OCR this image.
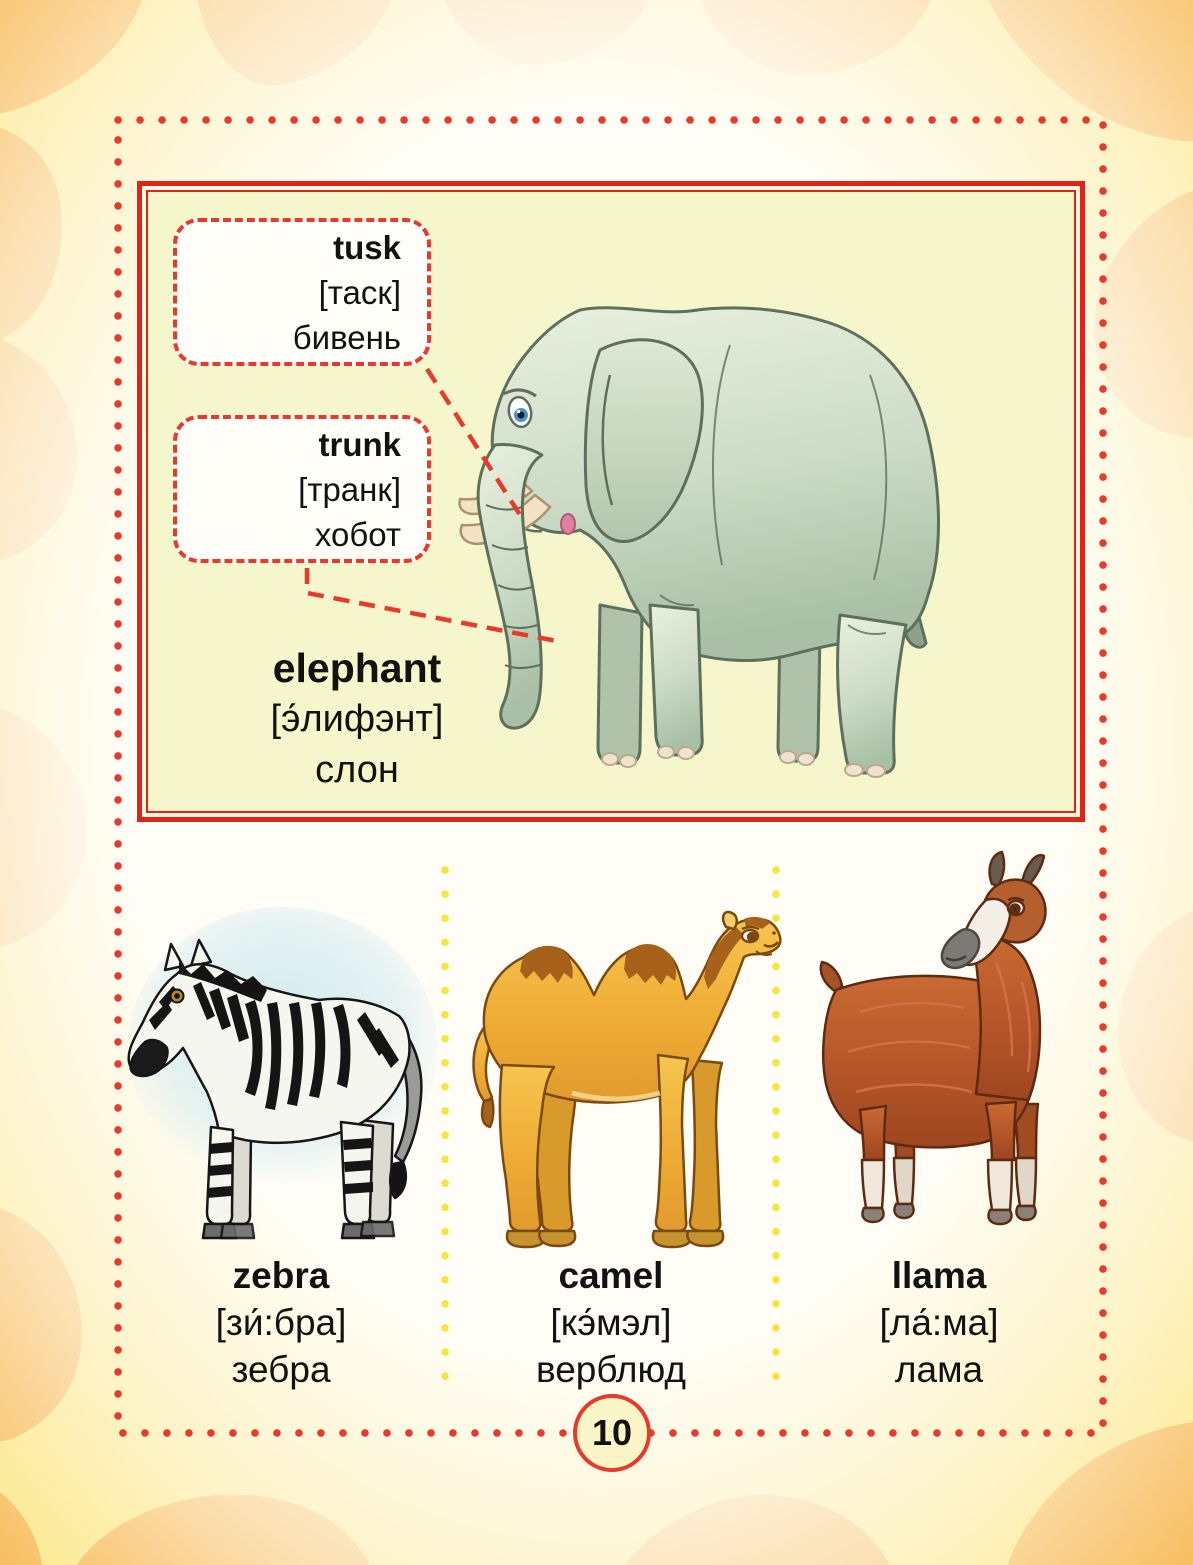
tusk
[таск]
бивень
trunk
[транк]
хобот
elephant
[э́лифэнт]
слон
zebra
[зи́:бра]
зебра
camel
[кэ́мэл]
верблюд
llama
[ла́:ма]
лама
10
